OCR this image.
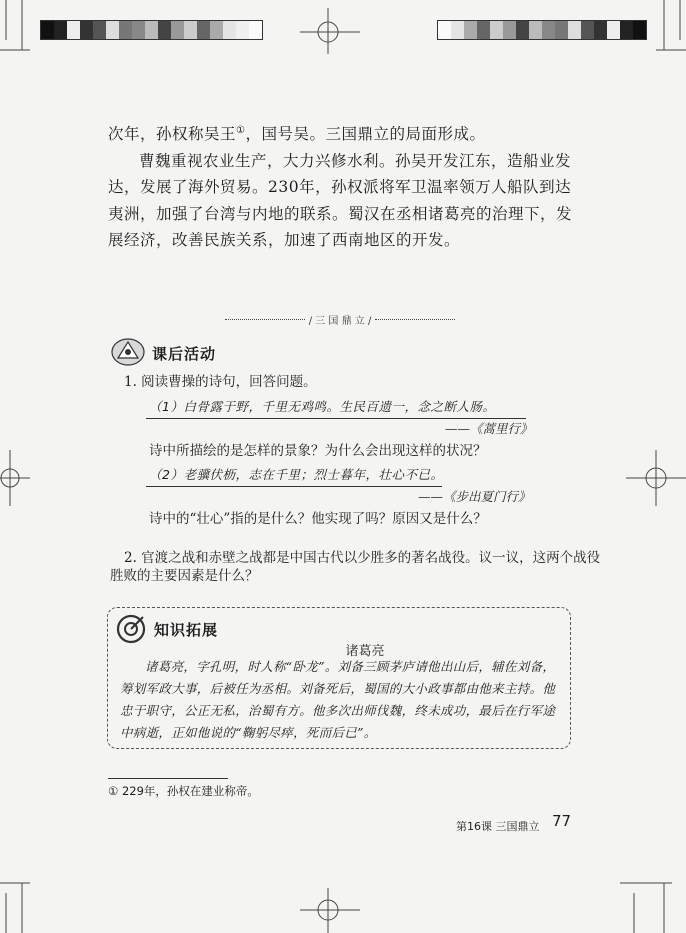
次年，孙权称吴王①，国号吴。三国鼎立的局面形成。

曹魏重视农业生产，大力兴修水利。孙吴开发江东，造船业发达，发展了海外贸易。230年，孙权派将军卫温率领万人船队到达夷洲，加强了台湾与内地的联系。蜀汉在丞相诸葛亮的治理下，发展经济，改善民族关系，加速了西南地区的开发。

/ 三 国 鼎 立 /
课后活动
1. 阅读曹操的诗句，回答问题。
（1）白骨露于野，千里无鸡鸣。生民百遗一，念之断人肠。
——《蒿里行》
诗中所描绘的是怎样的景象？为什么会出现这样的状况？
（2）老骥伏枥，志在千里；烈士暮年，壮心不已。
——《步出夏门行》
诗中的“壮心”指的是什么？他实现了吗？原因又是什么？
2. 官渡之战和赤壁之战都是中国古代以少胜多的著名战役。议一议，这两个战役
胜败的主要因素是什么？
知识拓展
诸葛亮

诸葛亮，字孔明，时人称“卧龙”。刘备三顾茅庐请他出山后，辅佐刘备，筹划军政大事，后被任为丞相。刘备死后，蜀国的大小政事都由他来主持。他忠于职守，公正无私，治蜀有方。他多次出师伐魏，终未成功，最后在行军途中病逝，正如他说的“鞠躬尽瘁，死而后已”。

① 229年，孙权在建业称帝。
第16课 三国鼎立 77
